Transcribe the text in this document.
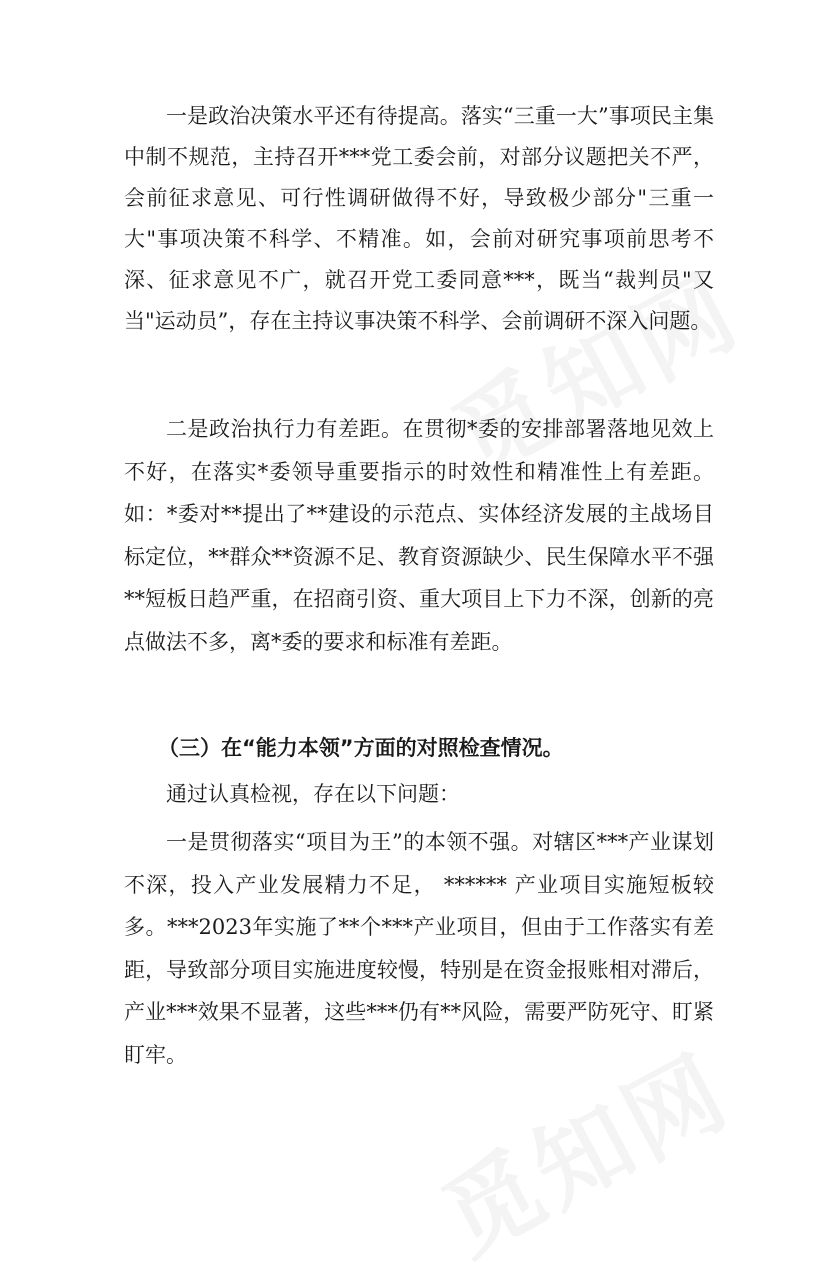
一是政治决策水平还有待提高。落实“三重一大”事项民主集中制不规范，主持召开***党工委会前，对部分议题把关不严，会前征求意见、可行性调研做得不好，导致极少部分"三重一大"事项决策不科学、不精准。如，会前对研究事项前思考不深、征求意见不广，就召开党工委同意***，既当“裁判员"又当"运动员”，存在主持议事决策不科学、会前调研不深入问题。

二是政治执行力有差距。在贯彻*委的安排部署落地见效上不好，在落实*委领导重要指示的时效性和精准性上有差距。如：*委对**提出了**建设的示范点、实体经济发展的主战场目标定位，**群众**资源不足、教育资源缺少、民生保障水平不强**短板日趋严重，在招商引资、重大项目上下力不深，创新的亮点做法不多，离*委的要求和标准有差距。

（三）在“能力本领”方面的对照检查情况。

通过认真检视，存在以下问题：

一是贯彻落实“项目为王”的本领不强。对辖区***产业谋划不深，投入产业发展精力不足， ****** 产业项目实施短板较多。***2023年实施了**个***产业项目，但由于工作落实有差距，导致部分项目实施进度较慢，特别是在资金报账相对滞后，产业***效果不显著，这些***仍有**风险，需要严防死守、盯紧盯牢。
